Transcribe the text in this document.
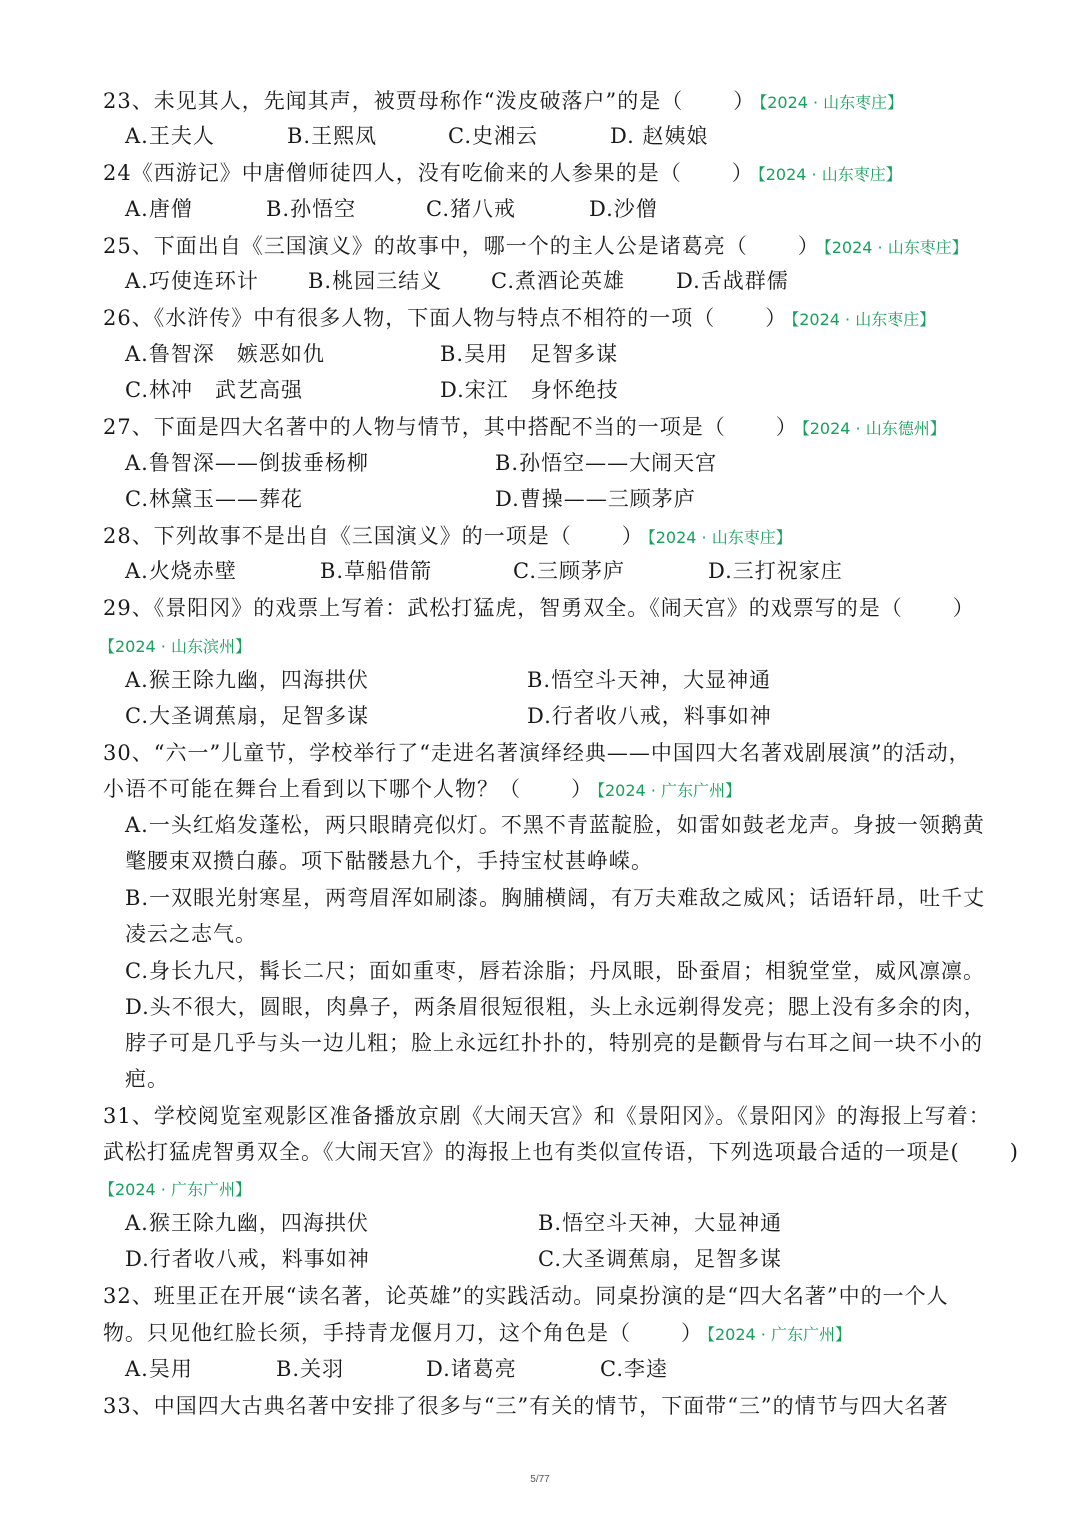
23、未见其人，先闻其声，被贾母称作“泼皮破落户”的是（ ） 【2024 · 山东枣庄】
A.王夫人	B.王熙凤	C.史湘云	D. 赵姨娘
24《西游记》中唐僧师徒四人，没有吃偷来的人参果的是（ ） 【2024 · 山东枣庄】
A.唐僧	B.孙悟空	C.猪八戒	D.沙僧
25、下面出自《三国演义》的故事中，哪一个的主人公是诸葛亮（ ） 【2024 · 山东枣庄】
A.巧使连环计 B.桃园三结义 C.煮酒论英雄 D.舌战群儒
26、《水浒传》中有很多人物，下面人物与特点不相符的一项（ ） 【2024 · 山东枣庄】
A.鲁智深　嫉恶如仇	B.吴用　足智多谋
C.林冲　武艺高强	D.宋江　身怀绝技
27、下面是四大名著中的人物与情节，其中搭配不当的一项是（ ） 【2024 · 山东德州】
A.鲁智深——倒拔垂杨柳	B.孙悟空——大闹天宫
C.林黛玉——葬花	D.曹操——三顾茅庐
28、下列故事不是出自《三国演义》的一项是（ ） 【2024 · 山东枣庄】
A.火烧赤壁	B.草船借箭	C.三顾茅庐	D.三打祝家庄
29、《景阳冈》的戏票上写着：武松打猛虎，智勇双全。《闹天宫》的戏票写的是（ ）
【2024 · 山东滨州】
A.猴王除九幽，四海拱伏	B.悟空斗天神，大显神通
C.大圣调蕉扇，足智多谋	D.行者收八戒，料事如神
30、“六一”儿童节，学校举行了“走进名著演绎经典——中国四大名著戏剧展演”的活动，
小语不可能在舞台上看到以下哪个人物？（ ） 【2024 · 广东广州】
A.一头红焰发蓬松，两只眼睛亮似灯。不黑不青蓝靛脸，如雷如鼓老龙声。身披一领鹅黄
氅腰束双攒白藤。项下骷髅悬九个，手持宝杖甚峥嵘。
B.一双眼光射寒星，两弯眉浑如刷漆。胸脯横阔，有万夫难敌之威风；话语轩昂，吐千丈
凌云之志气。
C.身长九尺，髯长二尺；面如重枣，唇若涂脂；丹凤眼，卧蚕眉；相貌堂堂，威风凛凛。
D.头不很大，圆眼，肉鼻子，两条眉很短很粗，头上永远剃得发亮；腮上没有多余的肉，
脖子可是几乎与头一边儿粗；脸上永远红扑扑的，特别亮的是颧骨与右耳之间一块不小的
疤。
31、学校阅览室观影区准备播放京剧《大闹天宫》和《景阳冈》。《景阳冈》的海报上写着：
武松打猛虎智勇双全。《大闹天宫》的海报上也有类似宣传语，下列选项最合适的一项是( )
【2024 · 广东广州】
A.猴王除九幽，四海拱伏	B.悟空斗天神，大显神通
D.行者收八戒，料事如神	C.大圣调蕉扇，足智多谋
32、班里正在开展“读名著，论英雄”的实践活动。同桌扮演的是“四大名著”中的一个人
物。只见他红脸长须，手持青龙偃月刀，这个角色是（ ） 【2024 · 广东广州】
A.吴用	B.关羽	D.诸葛亮	C.李逵
33、中国四大古典名著中安排了很多与“三”有关的情节，下面带“三”的情节与四大名著
5/77
